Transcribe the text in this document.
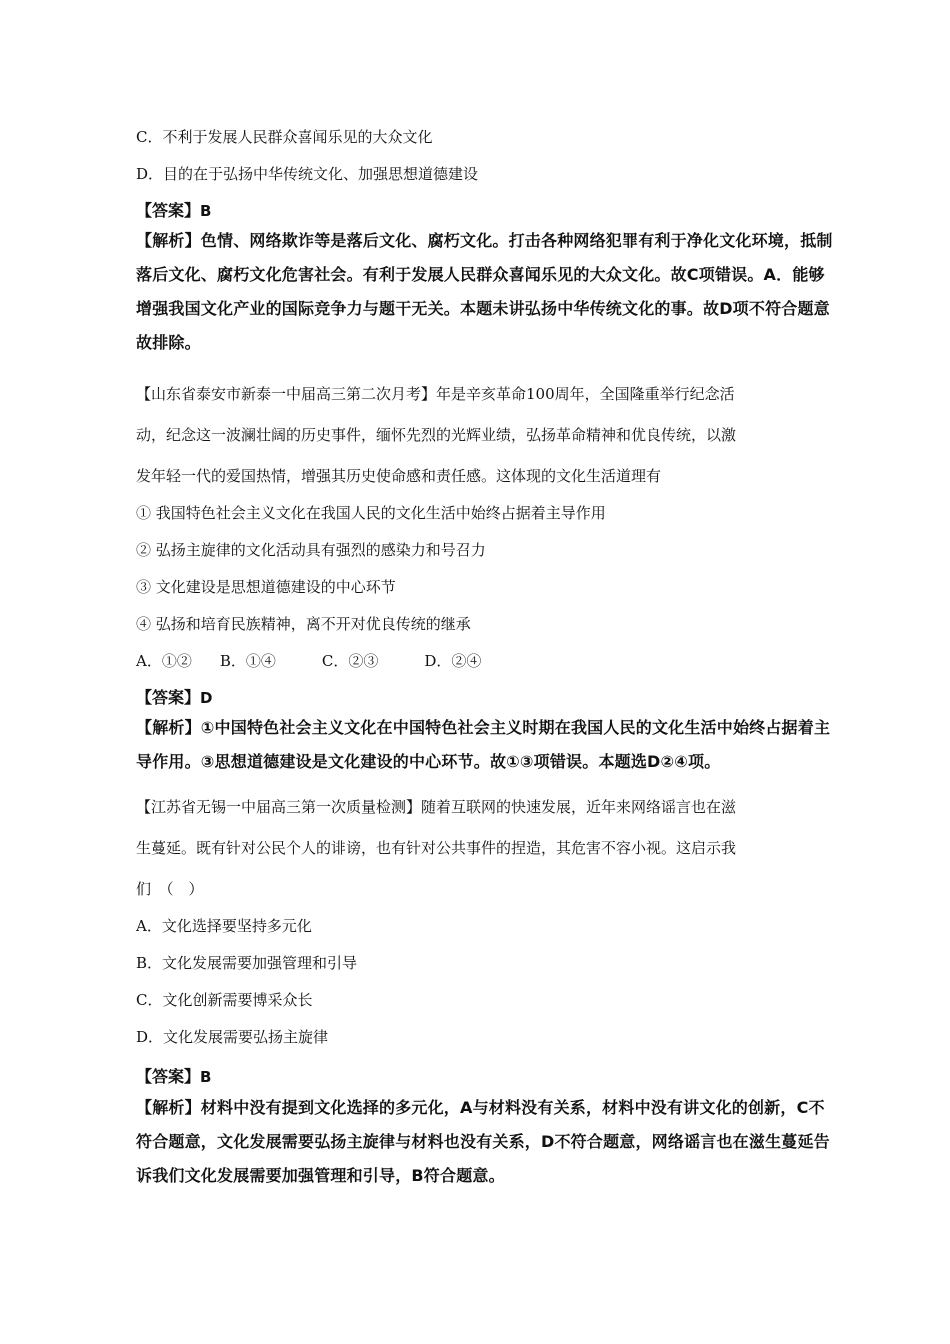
C．不利于发展人民群众喜闻乐见的大众文化
D．目的在于弘扬中华传统文化、加强思想道德建设
【答案】B
【解析】色情、网络欺诈等是落后文化、腐朽文化。打击各种网络犯罪有利于净化文化环境，抵制
落后文化、腐朽文化危害社会。有利于发展人民群众喜闻乐见的大众文化。故C项错误。A．能够
增强我国文化产业的国际竞争力与题干无关。本题未讲弘扬中华传统文化的事。故D项不符合题意
故排除。
【山东省泰安市新泰一中届高三第二次月考】年是辛亥革命100周年，全国隆重举行纪念活
动，纪念这一波澜壮阔的历史事件，缅怀先烈的光辉业绩，弘扬革命精神和优良传统，以激
发年轻一代的爱国热情，增强其历史使命感和责任感。这体现的文化生活道理有
① 我国特色社会主义文化在我国人民的文化生活中始终占据着主导作用
② 弘扬主旋律的文化活动具有强烈的感染力和号召力
③ 文化建设是思想道德建设的中心环节
④ 弘扬和培育民族精神，离不开对优良传统的继承
A．①② B．①④	C．②③	D．②④
【答案】D
【解析】①中国特色社会主义文化在中国特色社会主义时期在我国人民的文化生活中始终占据着主
导作用。③思想道德建设是文化建设的中心环节。故①③项错误。本题选D②④项。
【江苏省无锡一中届高三第一次质量检测】随着互联网的快速发展，近年来网络谣言也在滋
生蔓延。既有针对公民个人的诽谤，也有针对公共事件的捏造，其危害不容小视。这启示我
们　（　）
A．文化选择要坚持多元化
B．文化发展需要加强管理和引导
C．文化创新需要博采众长
D．文化发展需要弘扬主旋律
【答案】B
【解析】材料中没有提到文化选择的多元化，A与材料没有关系，材料中没有讲文化的创新，C不
符合题意，文化发展需要弘扬主旋律与材料也没有关系，D不符合题意，网络谣言也在滋生蔓延告
诉我们文化发展需要加强管理和引导，B符合题意。
